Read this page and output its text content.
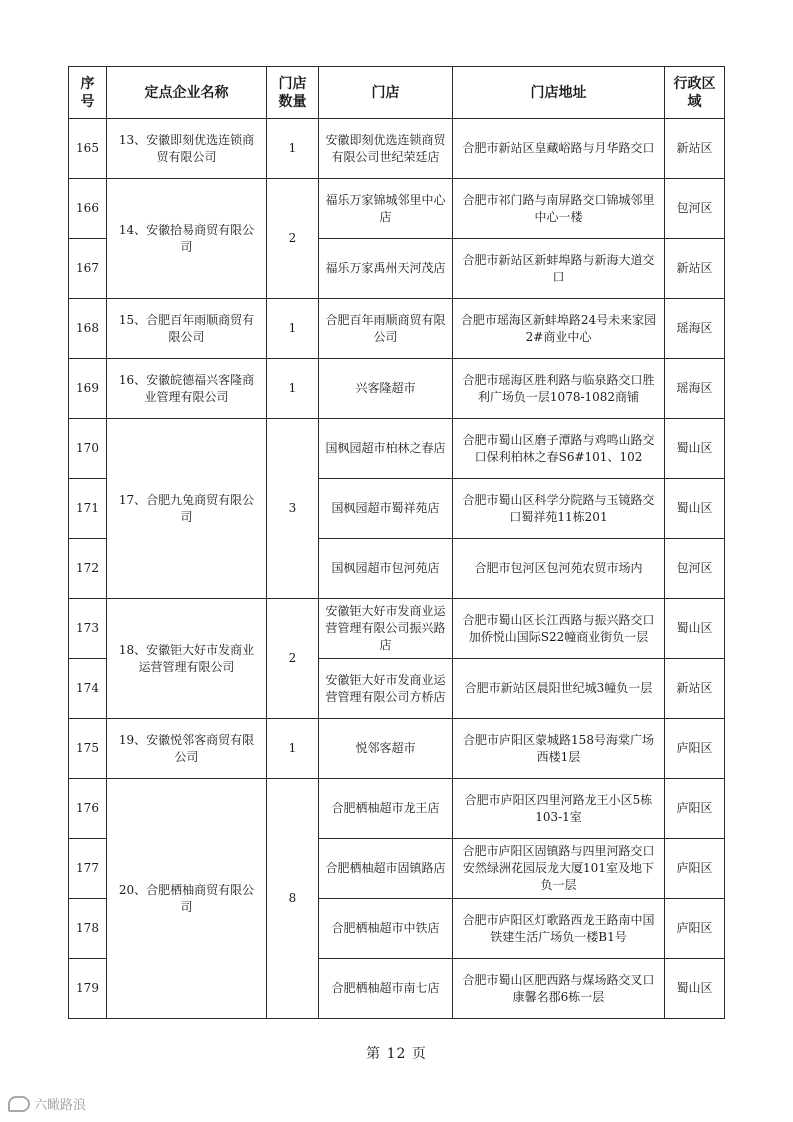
序号	定点企业名称	门店数量	门店	门店地址	行政区域
165	13、安徽即刻优选连锁商贸有限公司	1	安徽即刻优选连锁商贸有限公司世纪荣廷店	合肥市新站区皇藏峪路与月华路交口	新站区
166	14、安徽拾易商贸有限公司	2	福乐万家锦城邻里中心店	合肥市祁门路与南屏路交口锦城邻里中心一楼	包河区
167			福乐万家禹州天河茂店	合肥市新站区新蚌埠路与新海大道交口	新站区
168	15、合肥百年雨顺商贸有限公司	1	合肥百年雨顺商贸有限公司	合肥市瑶海区新蚌埠路24号未来家园2#商业中心	瑶海区
169	16、安徽皖德福兴客隆商业管理有限公司	1	兴客隆超市	合肥市瑶海区胜利路与临泉路交口胜利广场负一层1078-1082商铺	瑶海区
170	17、合肥九兔商贸有限公司	3	国枫园超市柏林之春店	合肥市蜀山区磨子潭路与鸡鸣山路交口保利柏林之春S6#101、102	蜀山区
171			国枫园超市蜀祥苑店	合肥市蜀山区科学分院路与玉镜路交口蜀祥苑11栋201	蜀山区
172			国枫园超市包河苑店	合肥市包河区包河苑农贸市场内	包河区
173	18、安徽钜大好市发商业运营管理有限公司	2	安徽钜大好市发商业运营管理有限公司振兴路店	合肥市蜀山区长江西路与振兴路交口加侨悦山国际S22幢商业街负一层	蜀山区
174			安徽钜大好市发商业运营管理有限公司方桥店	合肥市新站区晨阳世纪城3幢负一层	新站区
175	19、安徽悦邻客商贸有限公司	1	悦邻客超市	合肥市庐阳区蒙城路158号海棠广场西楼1层	庐阳区
176	20、合肥栖柚商贸有限公司	8	合肥栖柚超市龙王店	合肥市庐阳区四里河路龙王小区5栋103-1室	庐阳区
177			合肥栖柚超市固镇路店	合肥市庐阳区固镇路与四里河路交口安然绿洲花园辰龙大厦101室及地下负一层	庐阳区
178			合肥栖柚超市中铁店	合肥市庐阳区灯歌路西龙王路南中国铁建生活广场负一楼B1号	庐阳区
179			合肥栖柚超市南七店	合肥市蜀山区肥西路与煤场路交叉口康馨名郡6栋一层	蜀山区
第 12 页
六瞰路浪
